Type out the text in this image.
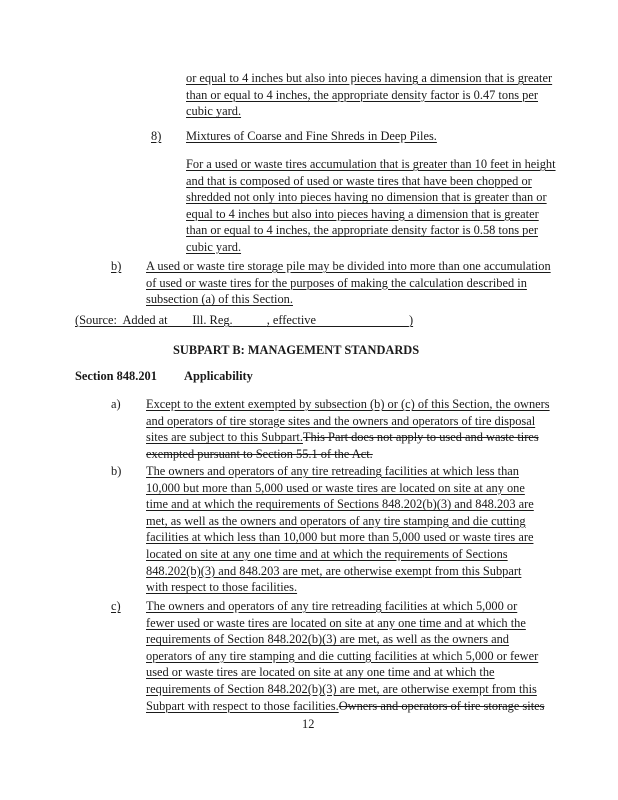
or equal to 4 inches but also into pieces having a dimension that is greater
than or equal to 4 inches, the appropriate density factor is 0.47 tons per
cubic yard.
8) Mixtures of Coarse and Fine Shreds in Deep Piles.
For a used or waste tires accumulation that is greater than 10 feet in height
and that is composed of used or waste tires that have been chopped or
shredded not only into pieces having no dimension that is greater than or
equal to 4 inches but also into pieces having a dimension that is greater
than or equal to 4 inches, the appropriate density factor is 0.58 tons per
cubic yard.
b) A used or waste tire storage pile may be divided into more than one accumulation
of used or waste tires for the purposes of making the calculation described in
subsection (a) of this Section.
(Source:  Added at Ill. Reg.	, effective	)
SUBPART B: MANAGEMENT STANDARDS
Section 848.201 Applicability
a) Except to the extent exempted by subsection (b) or (c) of this Section, the owners
and operators of tire storage sites and the owners and operators of tire disposal
sites are subject to this Subpart.This Part does not apply to used and waste tires
exempted pursuant to Section 55.1 of the Act.
b) The owners and operators of any tire retreading facilities at which less than
10,000 but more than 5,000 used or waste tires are located on site at any one
time and at which the requirements of Sections 848.202(b)(3) and 848.203 are
met, as well as the owners and operators of any tire stamping and die cutting
facilities at which less than 10,000 but more than 5,000 used or waste tires are
located on site at any one time and at which the requirements of Sections
848.202(b)(3) and 848.203 are met, are otherwise exempt from this Subpart
with respect to those facilities.
c) The owners and operators of any tire retreading facilities at which 5,000 or
fewer used or waste tires are located on site at any one time and at which the
requirements of Section 848.202(b)(3) are met, as well as the owners and
operators of any tire stamping and die cutting facilities at which 5,000 or fewer
used or waste tires are located on site at any one time and at which the
requirements of Section 848.202(b)(3) are met, are otherwise exempt from this
Subpart with respect to those facilities.Owners and operators of tire storage sites
12
